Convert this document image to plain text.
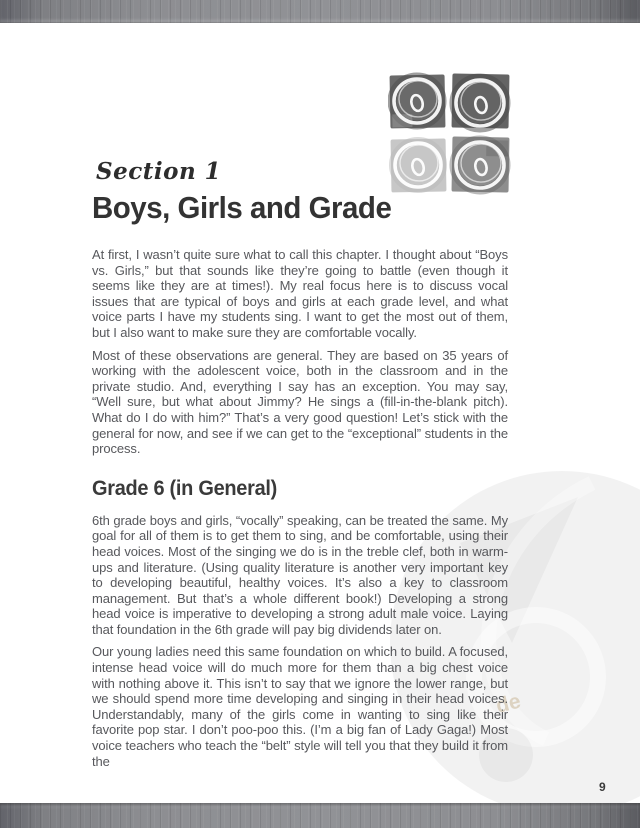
de
Section 1
Boys, Girls and Grade

At first, I wasn’t quite sure what to call this chapter. I thought about “Boys vs. Girls,” but that sounds like they’re going to battle (even though it seems like they are at times!). My real focus here is to discuss vocal issues that are typical of boys and girls at each grade level, and what voice parts I have my students sing. I want to get the most out of them, but I also want to make sure they are comfortable vocally.

Most of these observations are general. They are based on 35 years of working with the adolescent voice, both in the classroom and in the private studio. And, everything I say has an exception. You may say, “Well sure, but what about Jimmy? He sings a (fill-in-the-blank pitch). What do I do with him?” That’s a very good question! Let’s stick with the general for now, and see if we can get to the “exceptional” students in the process.

Grade 6 (in General)

6th grade boys and girls, “vocally” speaking, can be treated the same. My goal for all of them is to get them to sing, and be comfortable, using their head voices. Most of the singing we do is in the treble clef, both in warm-ups and literature. (Using quality literature is another very important key to developing beautiful, healthy voices. It’s also a key to classroom management. But that’s a whole different book!) Developing a strong head voice is imperative to developing a strong adult male voice. Laying that foundation in the 6th grade will pay big dividends later on.

Our young ladies need this same foundation on which to build. A focused, intense head voice will do much more for them than a big chest voice with nothing above it. This isn’t to say that we ignore the lower range, but we should spend more time developing and singing in their head voices. Understandably, many of the girls come in wanting to sing like their favorite pop star. I don’t poo-poo this. (I’m a big fan of Lady Gaga!) Most voice teachers who teach the “belt” style will tell you that they build it from the

9
